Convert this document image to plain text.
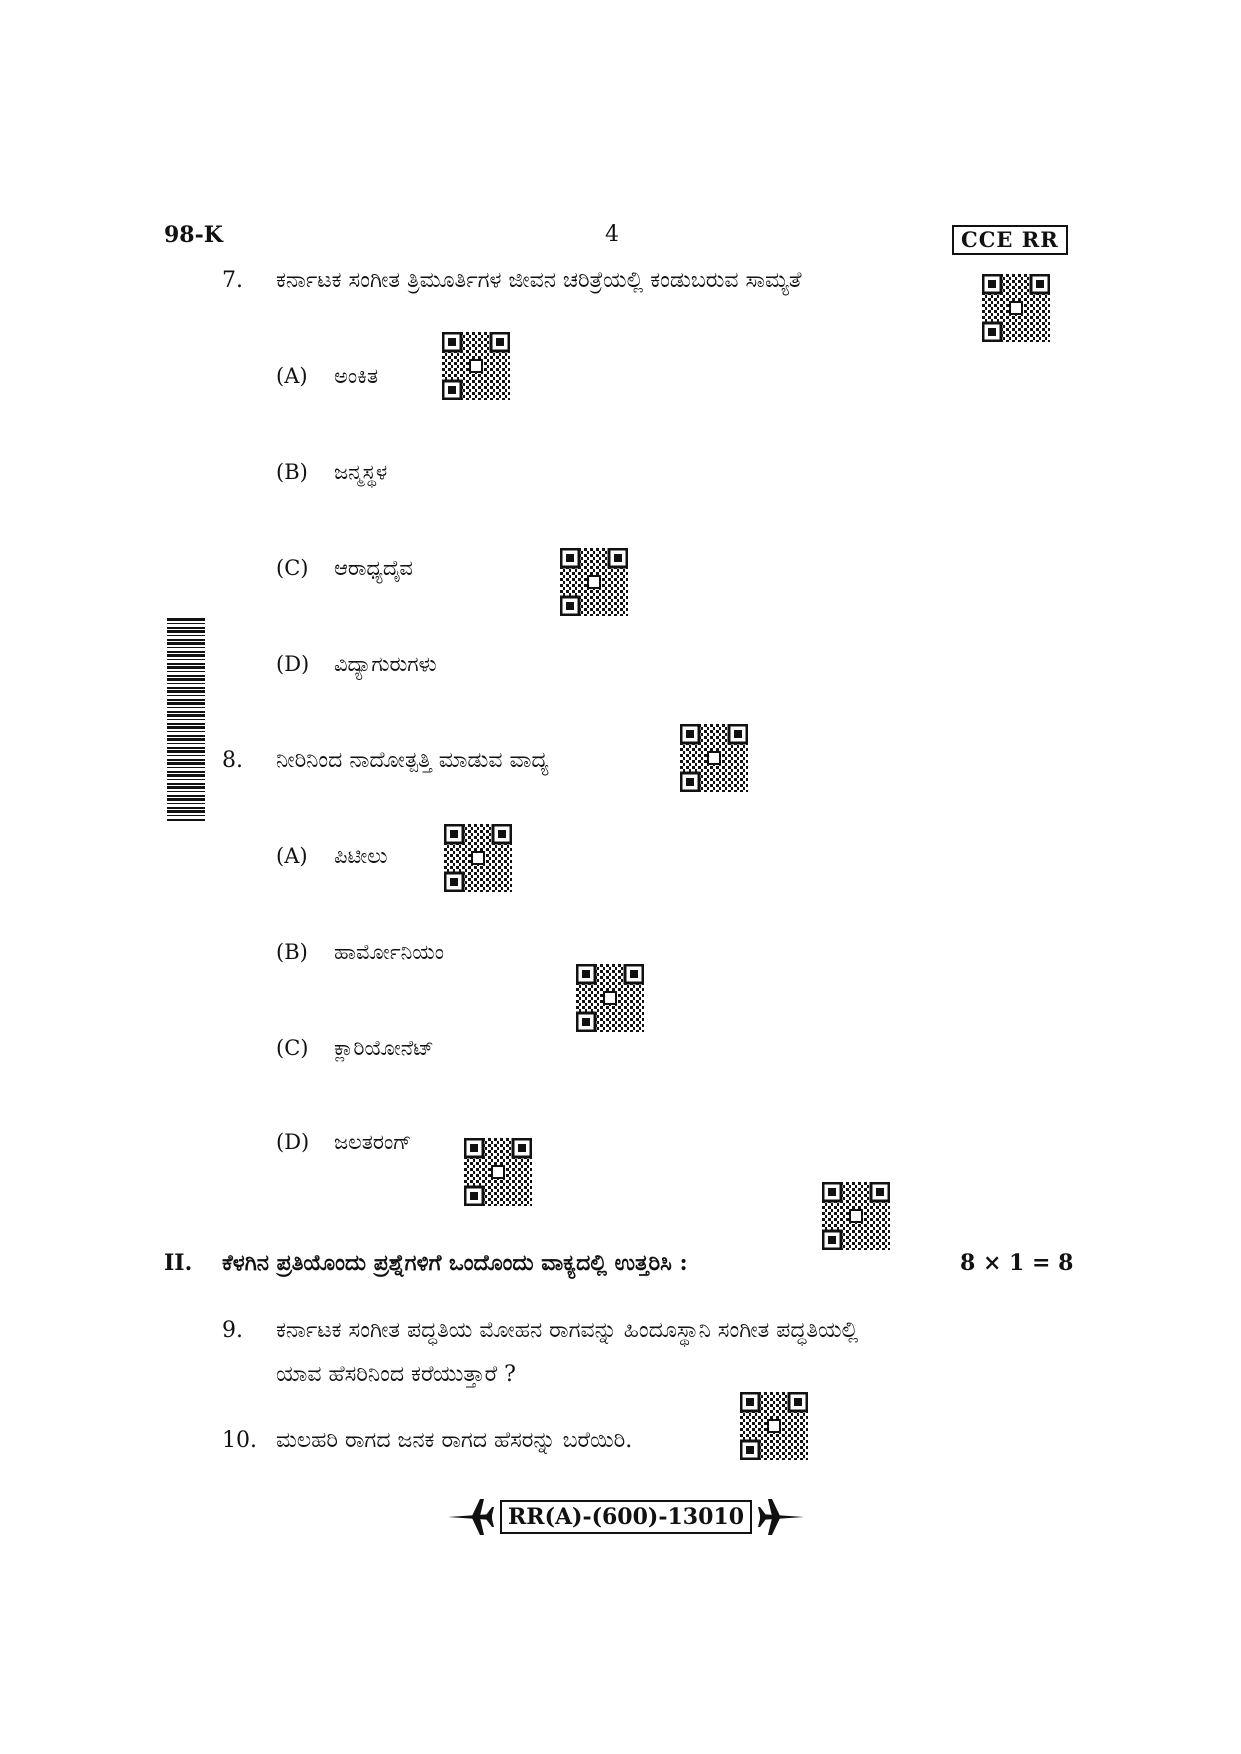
98-K	4	CCE RR
7. ಕರ್ನಾಟಕ ಸಂಗೀತ ತ್ರಿಮೂರ್ತಿಗಳ ಜೀವನ ಚರಿತ್ರೆಯಲ್ಲಿ ಕಂಡುಬರುವ ಸಾಮ್ಯತೆ
(A) ಅಂಕಿತ
(B) ಜನ್ಮಸ್ಥಳ
(C) ಆರಾಧ್ಯದೈವ
(D) ವಿದ್ಯಾಗುರುಗಳು
8. ನೀರಿನಿಂದ ನಾದೋತ್ಪತ್ತಿ ಮಾಡುವ ವಾದ್ಯ
(A) ಪಿಟೀಲು
(B) ಹಾರ್ಮೋನಿಯಂ
(C) ಕ್ಲಾರಿಯೋನೆಟ್
(D) ಜಲತರಂಗ್
II. ಕೆಳಗಿನ ಪ್ರತಿಯೊಂದು ಪ್ರಶ್ನೆಗಳಿಗೆ ಒಂದೊಂದು ವಾಕ್ಯದಲ್ಲಿ ಉತ್ತರಿಸಿ :	8 × 1 = 8
9. ಕರ್ನಾಟಕ ಸಂಗೀತ ಪದ್ಧತಿಯ ಮೋಹನ ರಾಗವನ್ನು ಹಿಂದೂಸ್ಥಾನಿ ಸಂಗೀತ ಪದ್ಧತಿಯಲ್ಲಿ
ಯಾವ ಹೆಸರಿನಿಂದ ಕರೆಯುತ್ತಾರೆ ?
10. ಮಲಹರಿ ರಾಗದ ಜನಕ ರಾಗದ ಹೆಸರನ್ನು ಬರೆಯಿರಿ.
RR(A)-(600)-13010
